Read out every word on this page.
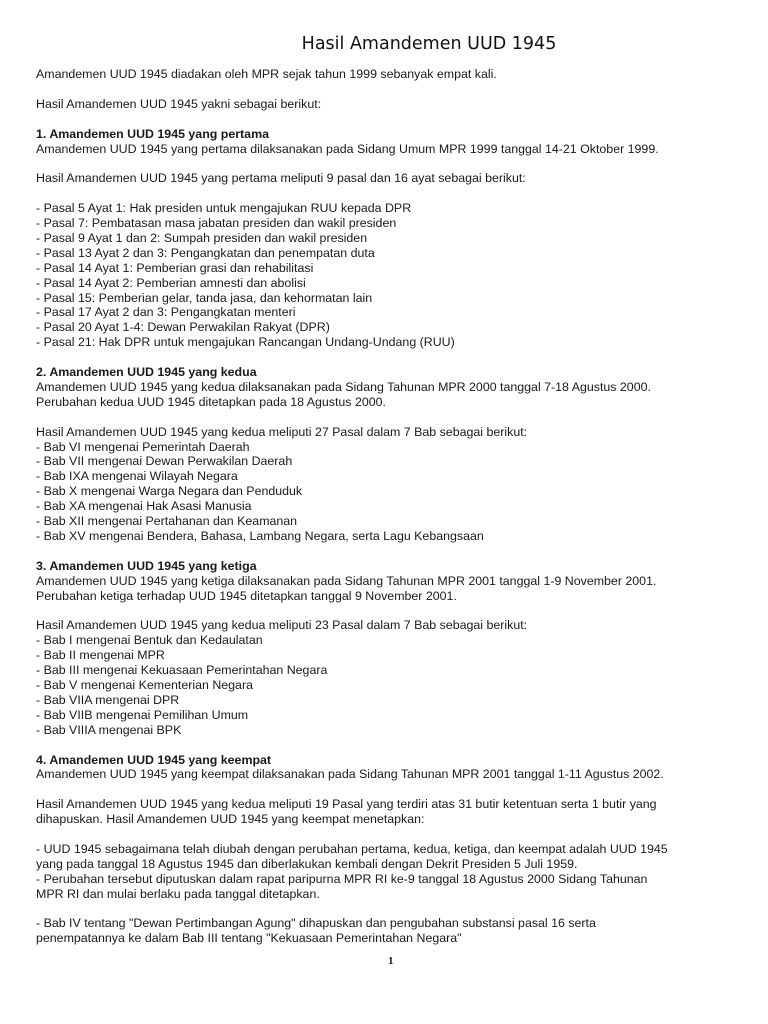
Hasil Amandemen UUD 1945

Amandemen UUD 1945 diadakan oleh MPR sejak tahun 1999 sebanyak empat kali.

Hasil Amandemen UUD 1945 yakni sebagai berikut:

1. Amandemen UUD 1945 yang pertama

Amandemen UUD 1945 yang pertama dilaksanakan pada Sidang Umum MPR 1999 tanggal 14-21 Oktober 1999.

Hasil Amandemen UUD 1945 yang pertama meliputi 9 pasal dan 16 ayat sebagai berikut:

- Pasal 5 Ayat 1: Hak presiden untuk mengajukan RUU kepada DPR

- Pasal 7: Pembatasan masa jabatan presiden dan wakil presiden

- Pasal 9 Ayat 1 dan 2: Sumpah presiden dan wakil presiden

- Pasal 13 Ayat 2 dan 3: Pengangkatan dan penempatan duta

- Pasal 14 Ayat 1: Pemberian grasi dan rehabilitasi

- Pasal 14 Ayat 2: Pemberian amnesti dan abolisi

- Pasal 15: Pemberian gelar, tanda jasa, dan kehormatan lain

- Pasal 17 Ayat 2 dan 3: Pengangkatan menteri

- Pasal 20 Ayat 1-4: Dewan Perwakilan Rakyat (DPR)

- Pasal 21: Hak DPR untuk mengajukan Rancangan Undang-Undang (RUU)

2. Amandemen UUD 1945 yang kedua

Amandemen UUD 1945 yang kedua dilaksanakan pada Sidang Tahunan MPR 2000 tanggal 7-18 Agustus 2000.

Perubahan kedua UUD 1945 ditetapkan pada 18 Agustus 2000.

Hasil Amandemen UUD 1945 yang kedua meliputi 27 Pasal dalam 7 Bab sebagai berikut:

- Bab VI mengenai Pemerintah Daerah

- Bab VII mengenai Dewan Perwakilan Daerah

- Bab IXA mengenai Wilayah Negara

- Bab X mengenai Warga Negara dan Penduduk

- Bab XA mengenai Hak Asasi Manusia

- Bab XII mengenai Pertahanan dan Keamanan

- Bab XV mengenai Bendera, Bahasa, Lambang Negara, serta Lagu Kebangsaan

3. Amandemen UUD 1945 yang ketiga

Amandemen UUD 1945 yang ketiga dilaksanakan pada Sidang Tahunan MPR 2001 tanggal 1-9 November 2001.

Perubahan ketiga terhadap UUD 1945 ditetapkan tanggal 9 November 2001.

Hasil Amandemen UUD 1945 yang kedua meliputi 23 Pasal dalam 7 Bab sebagai berikut:

- Bab I mengenai Bentuk dan Kedaulatan

- Bab II mengenai MPR

- Bab III mengenai Kekuasaan Pemerintahan Negara

- Bab V mengenai Kementerian Negara

- Bab VIIA mengenai DPR

- Bab VIIB mengenai Pemilihan Umum

- Bab VIIIA mengenai BPK

4. Amandemen UUD 1945 yang keempat

Amandemen UUD 1945 yang keempat dilaksanakan pada Sidang Tahunan MPR 2001 tanggal 1-11 Agustus 2002.

Hasil Amandemen UUD 1945 yang kedua meliputi 19 Pasal yang terdiri atas 31 butir ketentuan serta 1 butir yang

dihapuskan. Hasil Amandemen UUD 1945 yang keempat menetapkan:

- UUD 1945 sebagaimana telah diubah dengan perubahan pertama, kedua, ketiga, dan keempat adalah UUD 1945

yang pada tanggal 18 Agustus 1945 dan diberlakukan kembali dengan Dekrit Presiden 5 Juli 1959.

- Perubahan tersebut diputuskan dalam rapat paripurna MPR RI ke-9 tanggal 18 Agustus 2000 Sidang Tahunan

MPR RI dan mulai berlaku pada tanggal ditetapkan.

- Bab IV tentang "Dewan Pertimbangan Agung" dihapuskan dan pengubahan substansi pasal 16 serta

penempatannya ke dalam Bab III tentang "Kekuasaan Pemerintahan Negara"

1
